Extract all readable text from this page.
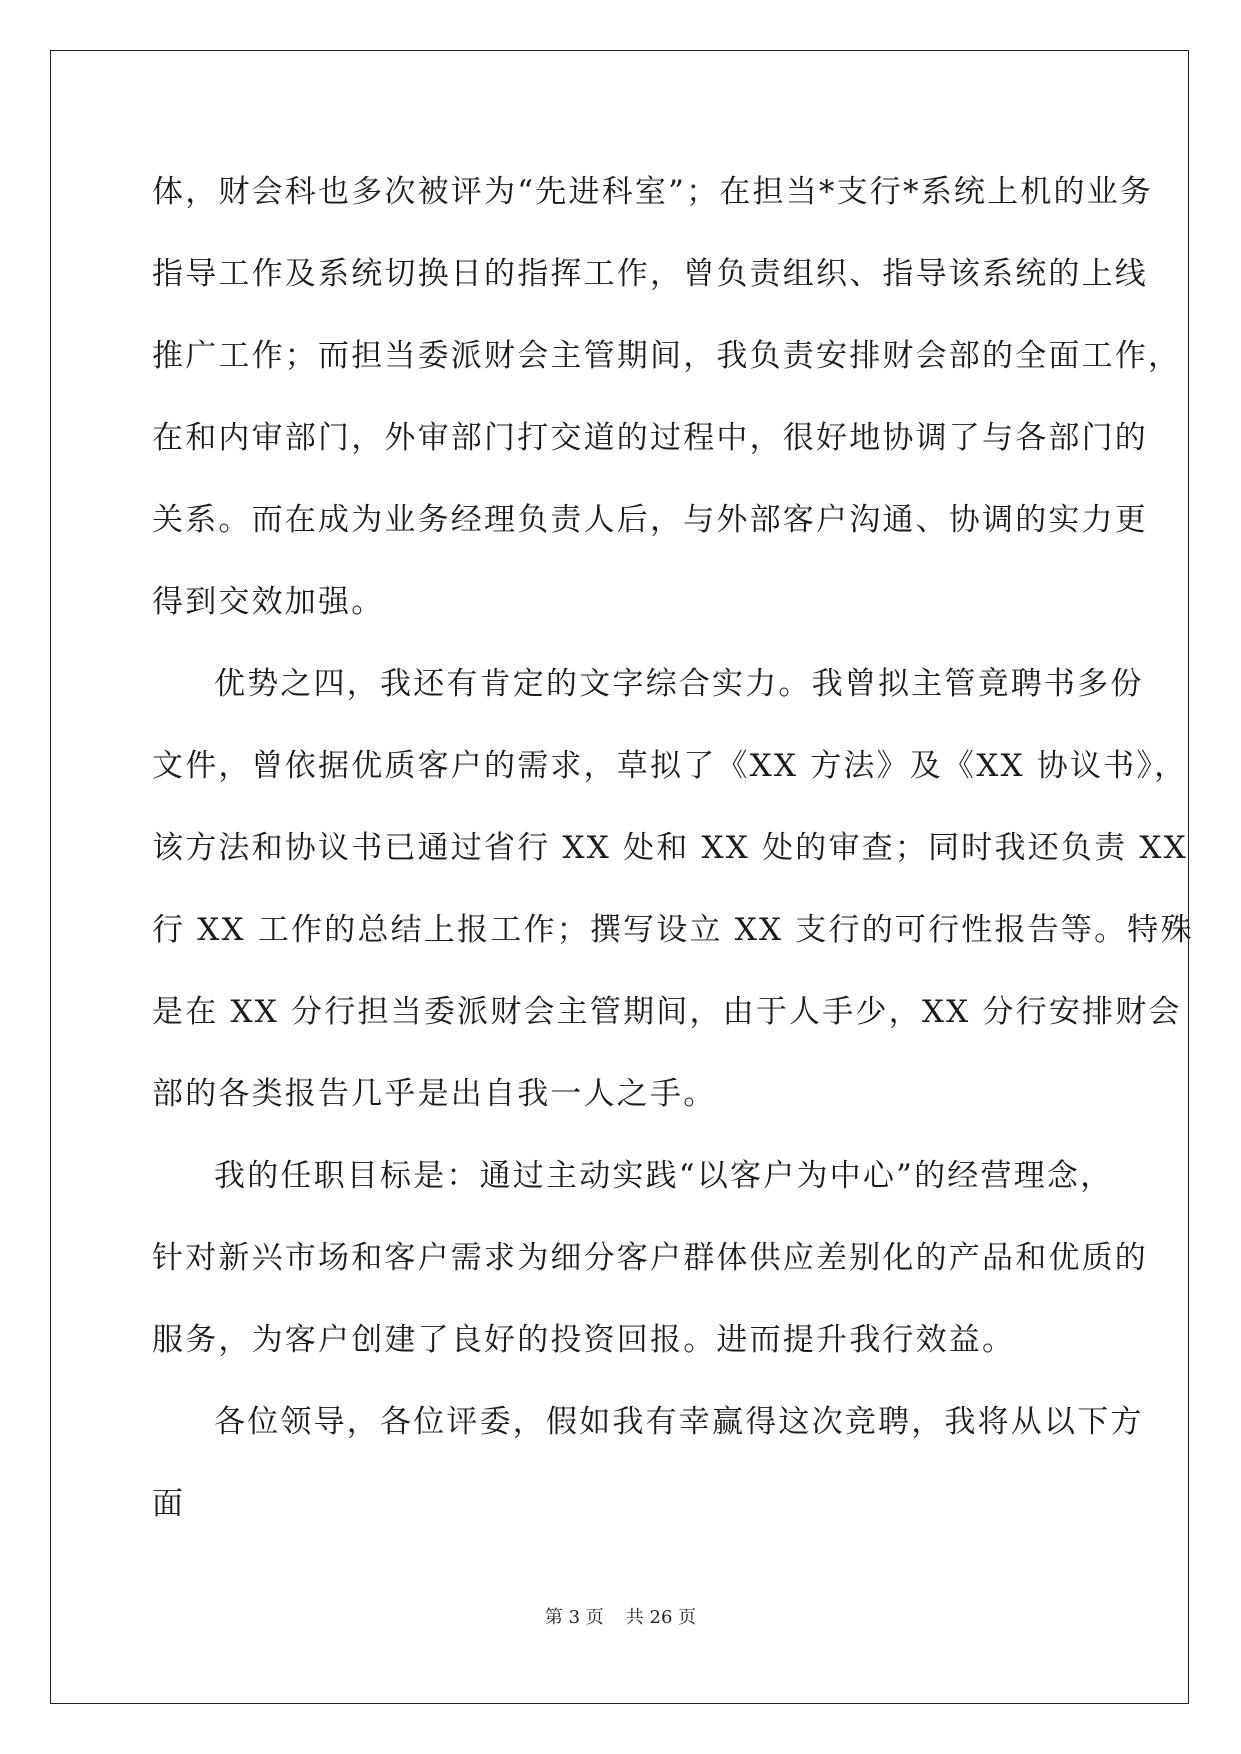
体，财会科也多次被评为“先进科室”；在担当*支行*系统上机的业务
指导工作及系统切换日的指挥工作，曾负责组织、指导该系统的上线
推广工作；而担当委派财会主管期间，我负责安排财会部的全面工作，
在和内审部门，外审部门打交道的过程中，很好地协调了与各部门的
关系。而在成为业务经理负责人后，与外部客户沟通、协调的实力更
得到交效加强。
优势之四，我还有肯定的文字综合实力。我曾拟主管竟聘书多份
文件，曾依据优质客户的需求，草拟了《XX 方法》及《XX 协议书》，
该方法和协议书已通过省行 XX 处和 XX 处的审查；同时我还负责 XX
行 XX 工作的总结上报工作；撰写设立 XX 支行的可行性报告等。特殊
是在 XX 分行担当委派财会主管期间，由于人手少，XX 分行安排财会
部的各类报告几乎是出自我一人之手。
我的任职目标是：通过主动实践“以客户为中心”的经营理念，
针对新兴市场和客户需求为细分客户群体供应差别化的产品和优质的
服务，为客户创建了良好的投资回报。进而提升我行效益。
各位领导，各位评委，假如我有幸赢得这次竞聘，我将从以下方
面
第 3 页 共 26 页
